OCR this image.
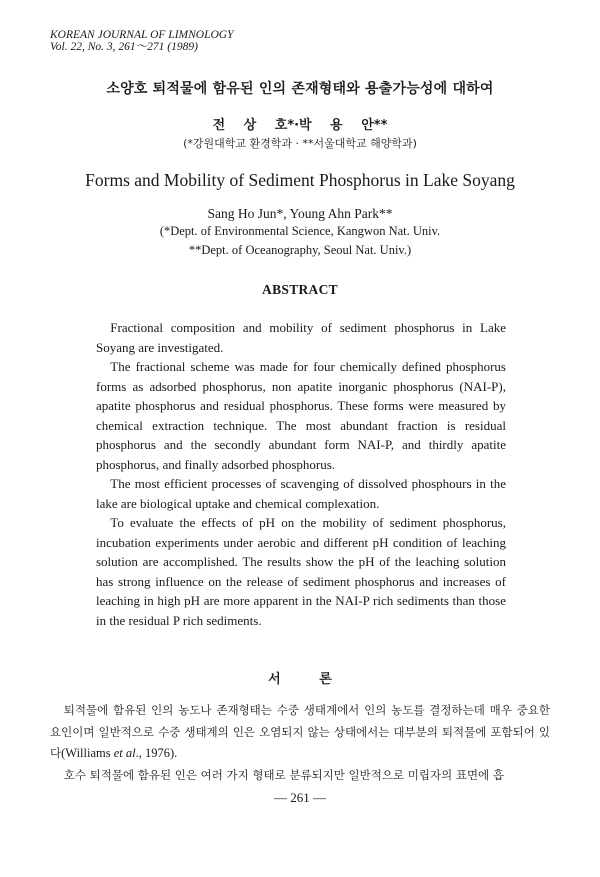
KOREAN JOURNAL OF LIMNOLOGY
Vol. 22, No. 3, 261～271 (1989)
소양호 퇴적물에 함유된 인의 존재형태와 용출가능성에 대하여
전 상 호*·박 용 안**
(*강원대학교 환경학과 · **서울대학교 해양학과)
Forms and Mobility of Sediment Phosphorus in Lake Soyang
Sang Ho Jun*, Young Ahn Park**
(*Dept. of Environmental Science, Kangwon Nat. Univ.
**Dept. of Oceanography, Seoul Nat. Univ.)
ABSTRACT

Fractional composition and mobility of sediment phosphorus in Lake Soyang are investigated.

The fractional scheme was made for four chemically defined phosphorus forms as adsorbed phosphorus, non apatite inorganic phosphorus (NAI-P), apatite phosphorus and residual phosphorus. These forms were measured by chemical extraction technique. The most abundant fraction is residual phosphorus and the secondly abundant form NAI-P, and thirdly apatite phosphorus, and finally adsorbed phosphorus.

The most efficient processes of scavenging of dissolved phosphours in the lake are biological uptake and chemical complexation.

To evaluate the effects of pH on the mobility of sediment phosphorus, incubation experiments under aerobic and different pH condition of leaching solution are accomplished. The results show the pH of the leaching solution has strong influence on the release of sediment phosphorus and increases of leaching in high pH are more apparent in the NAI-P rich sediments than those in the residual P rich sediments.

서 론

퇴적물에 함유된 인의 농도나 존재형태는 수중 생태계에서 인의 농도를 결정하는데 매우 중요한 요인이며 일반적으로 수중 생태계의 인은 오염되지 않는 상태에서는 대부분의 퇴적물에 포함되어 있다(Williams et al., 1976).

호수 퇴적물에 함유된 인은 여러 가지 형태로 분류되지만 일반적으로 미립자의 표면에 흡

— 261 —
